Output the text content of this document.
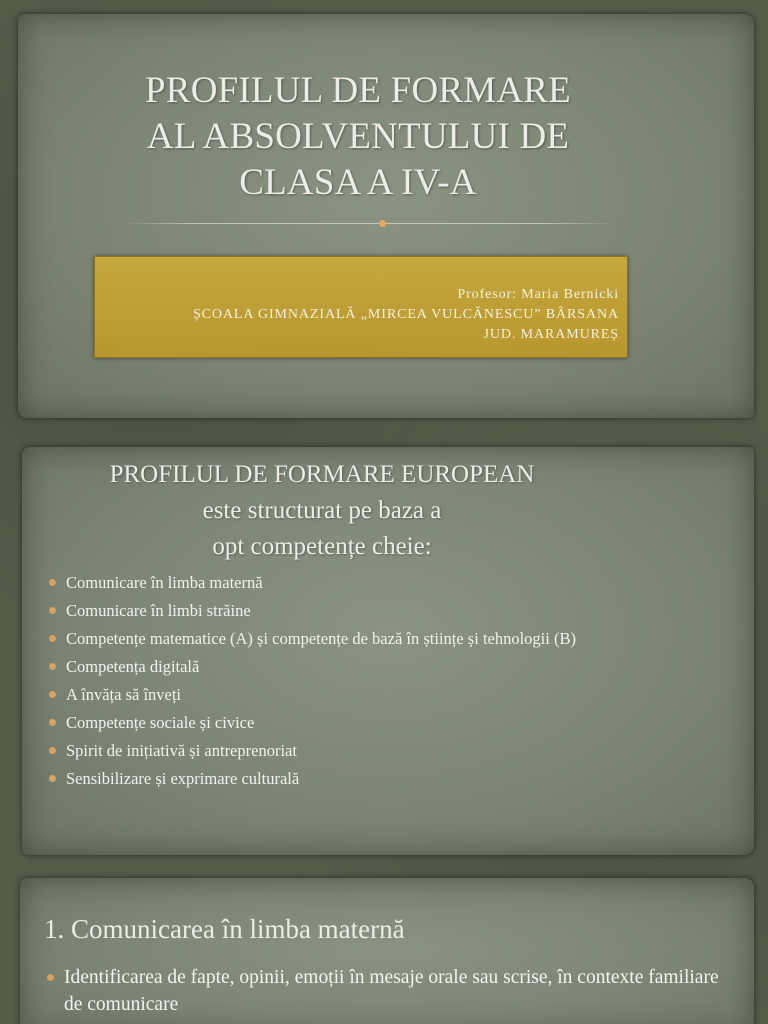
PROFILUL DE FORMARE
AL ABSOLVENTULUI DE
CLASA A IV-A
Profesor: Maria Bernicki
ȘCOALA GIMNAZIALĂ „MIRCEA VULCĂNESCU” BÂRSANA
JUD. MARAMUREȘ
PROFILUL DE FORMARE EUROPEAN
este structurat pe baza a
opt competențe cheie:
Comunicare în limba maternă
Comunicare în limbi străine
Competențe matematice (A) și competențe de bază în științe și tehnologii (B)
Competența digitală
A învăța să înveți
Competențe sociale și civice
Spirit de inițiativă și antreprenoriat
Sensibilizare și exprimare culturală
1. Comunicarea în limba maternă
Identificarea de fapte, opinii, emoții în mesaje orale sau scrise, în contexte familiare de comunicare
